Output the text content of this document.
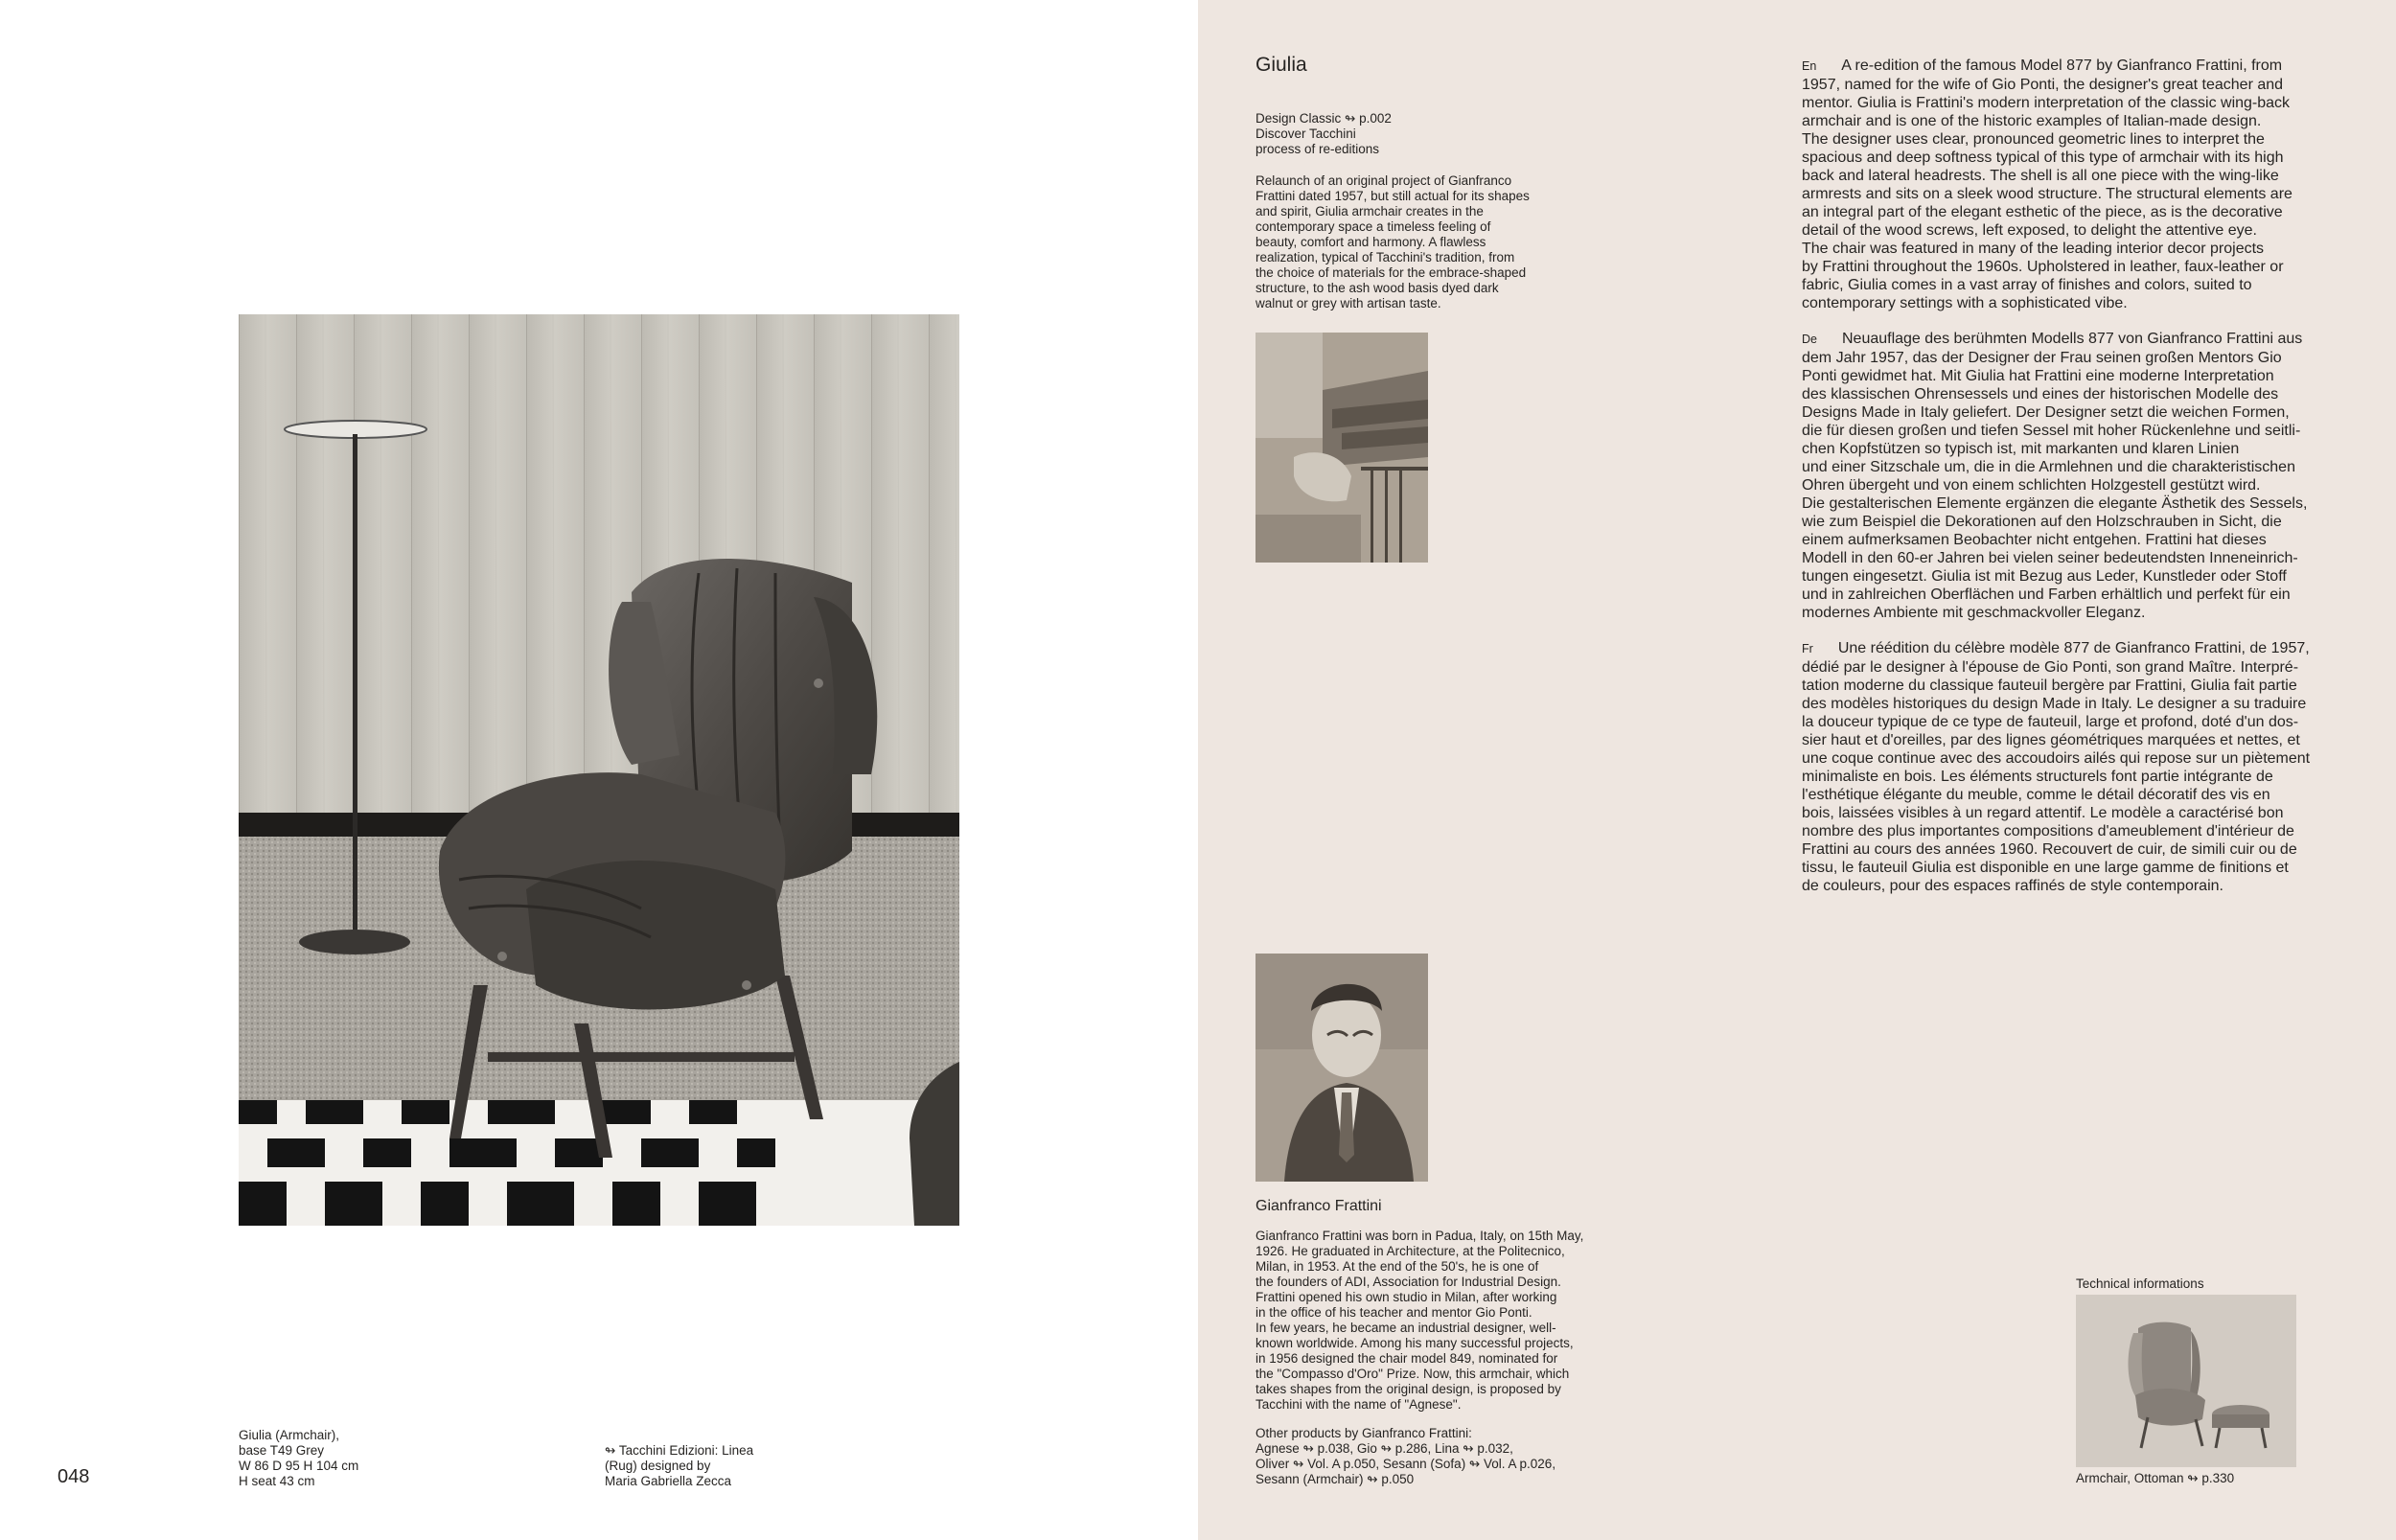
Giulia (Armchair),
base T49 Grey
W 86 D 95 H 104 cm
H seat 43 cm
↬ Tacchini Edizioni: Linea
(Rug) designed by
Maria Gabriella Zecca
048
Giulia
Design Classic ↬ p.002
Discover Tacchini
process of re-editions
Relaunch of an original project of Gianfranco
Frattini dated 1957, but still actual for its shapes
and spirit, Giulia armchair creates in the
contemporary space a timeless feeling of
beauty, comfort and harmony. A flawless
realization, typical of Tacchini's tradition, from
the choice of materials for the embrace-shaped
structure, to the ash wood basis dyed dark
walnut or grey with artisan taste.
Gianfranco Frattini
Gianfranco Frattini was born in Padua, Italy, on 15th May,
1926. He graduated in Architecture, at the Politecnico,
Milan, in 1953. At the end of the 50's, he is one of
the founders of ADI, Association for Industrial Design.
Frattini opened his own studio in Milan, after working
in the office of his teacher and mentor Gio Ponti.
In few years, he became an industrial designer, well-
known worldwide. Among his many successful projects,
in 1956 designed the chair model 849, nominated for
the "Compasso d'Oro" Prize. Now, this armchair, which
takes shapes from the original design, is proposed by
Tacchini with the name of "Agnese".
Other products by Gianfranco Frattini:
Agnese ↬ p.038, Gio ↬ p.286, Lina ↬ p.032,
Oliver ↬ Vol. A p.050, Sesann (Sofa) ↬ Vol. A p.026,
Sesann (Armchair) ↬ p.050

En A re-edition of the famous Model 877 by Gianfranco Frattini, from
1957, named for the wife of Gio Ponti, the designer's great teacher and
mentor. Giulia is Frattini's modern interpretation of the classic wing-back
armchair and is one of the historic examples of Italian-made design.
The designer uses clear, pronounced geometric lines to interpret the
spacious and deep softness typical of this type of armchair with its high
back and lateral headrests. The shell is all one piece with the wing-like
armrests and sits on a sleek wood structure. The structural elements are
an integral part of the elegant esthetic of the piece, as is the decorative
detail of the wood screws, left exposed, to delight the attentive eye.
The chair was featured in many of the leading interior decor projects
by Frattini throughout the 1960s. Upholstered in leather, faux-leather or
fabric, Giulia comes in a vast array of finishes and colors, suited to
contemporary settings with a sophisticated vibe.

De Neuauflage des berühmten Modells 877 von Gianfranco Frattini aus
dem Jahr 1957, das der Designer der Frau seinen großen Mentors Gio
Ponti gewidmet hat. Mit Giulia hat Frattini eine moderne Interpretation
des klassischen Ohrensessels und eines der historischen Modelle des
Designs Made in Italy geliefert. Der Designer setzt die weichen Formen,
die für diesen großen und tiefen Sessel mit hoher Rückenlehne und seitli-
chen Kopfstützen so typisch ist, mit markanten und klaren Linien
und einer Sitzschale um, die in die Armlehnen und die charakteristischen
Ohren übergeht und von einem schlichten Holzgestell gestützt wird.
Die gestalterischen Elemente ergänzen die elegante Ästhetik des Sessels,
wie zum Beispiel die Dekorationen auf den Holzschrauben in Sicht, die
einem aufmerksamen Beobachter nicht entgehen. Frattini hat dieses
Modell in den 60-er Jahren bei vielen seiner bedeutendsten Inneneinrich-
tungen eingesetzt. Giulia ist mit Bezug aus Leder, Kunstleder oder Stoff
und in zahlreichen Oberflächen und Farben erhältlich und perfekt für ein
modernes Ambiente mit geschmackvoller Eleganz.

Fr Une réédition du célèbre modèle 877 de Gianfranco Frattini, de 1957,
dédié par le designer à l'épouse de Gio Ponti, son grand Maître. Interpré-
tation moderne du classique fauteuil bergère par Frattini, Giulia fait partie
des modèles historiques du design Made in Italy. Le designer a su traduire
la douceur typique de ce type de fauteuil, large et profond, doté d'un dos-
sier haut et d'oreilles, par des lignes géométriques marquées et nettes, et
une coque continue avec des accoudoirs ailés qui repose sur un piètement
minimaliste en bois. Les éléments structurels font partie intégrante de
l'esthétique élégante du meuble, comme le détail décoratif des vis en
bois, laissées visibles à un regard attentif. Le modèle a caractérisé bon
nombre des plus importantes compositions d'ameublement d'intérieur de
Frattini au cours des années 1960. Recouvert de cuir, de simili cuir ou de
tissu, le fauteuil Giulia est disponible en une large gamme de finitions et
de couleurs, pour des espaces raffinés de style contemporain.

Technical informations
Armchair, Ottoman ↬ p.330
